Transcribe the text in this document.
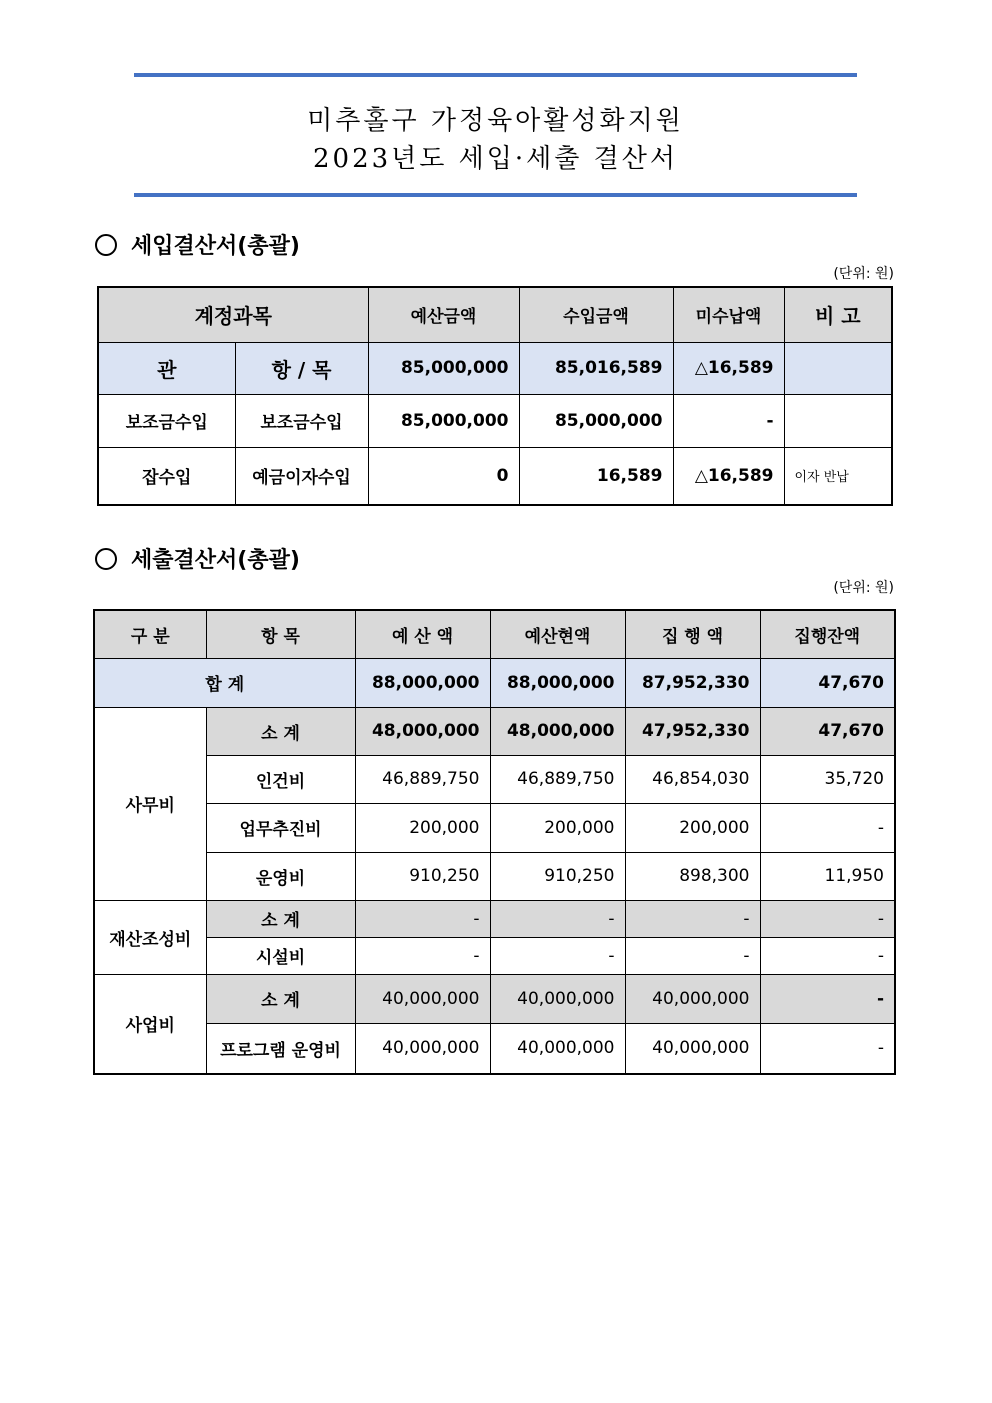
미추홀구 가정육아활성화지원
2023년도 세입·세출 결산서
세입결산서(총괄)
(단위: 원)
계정과목		예산금액	수입금액	미수납액	비 고
관	항 / 목	85,000,000	85,016,589	△16,589	
보조금수입	보조금수입	85,000,000	85,000,000	-	
잡수입	예금이자수입	0	16,589	△16,589	이자 반납
세출결산서(총괄)
(단위: 원)
구 분	항 목	예 산 액	예산현액	집 행 액	집행잔액
합 계		88,000,000	88,000,000	87,952,330	47,670
사무비	소 계	48,000,000	48,000,000	47,952,330	47,670
	인건비	46,889,750	46,889,750	46,854,030	35,720
	업무추진비	200,000	200,000	200,000	-
	운영비	910,250	910,250	898,300	11,950
재산조성비	소 계	-	-	-	-
	시설비	-	-	-	-
사업비	소 계	40,000,000	40,000,000	40,000,000	-
	프로그램 운영비	40,000,000	40,000,000	40,000,000	-
